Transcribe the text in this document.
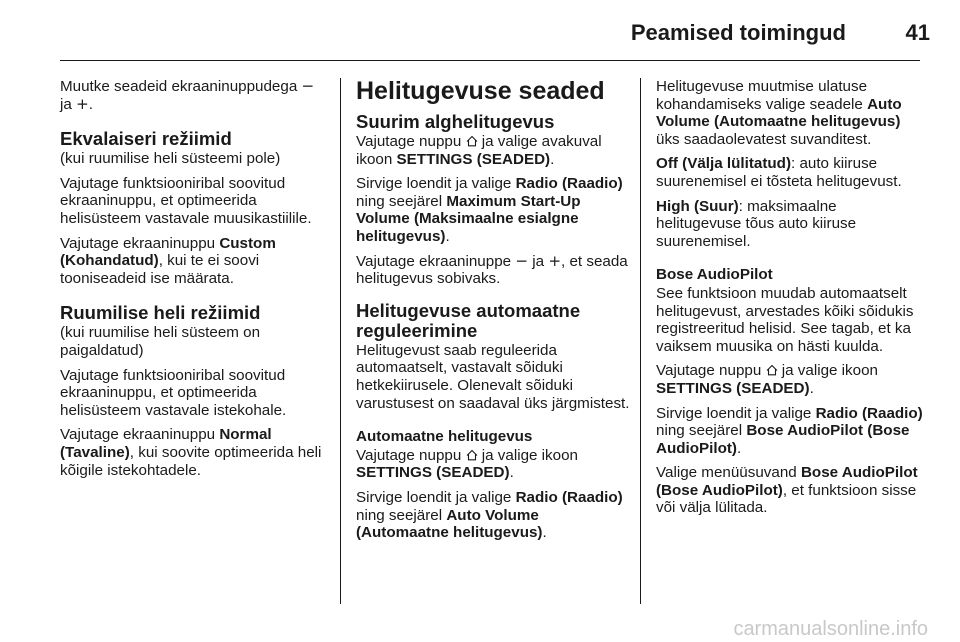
Peamised toimingud	41

Muutke seadeid ekraaninuppudega − ja +.

Ekvalaiseri režiimid

(kui ruumilise heli süsteemi pole)

Vajutage funktsiooniribal soovitud ekraaninuppu, et optimeerida helisüsteem vastavale muusikastiilile.

Vajutage ekraaninuppu Custom (Kohandatud), kui te ei soovi tooniseadeid ise määrata.

Ruumilise heli režiimid

(kui ruumilise heli süsteem on paigaldatud)

Vajutage funktsiooniribal soovitud ekraaninuppu, et optimeerida helisüsteem vastavale istekohale.

Vajutage ekraaninuppu Normal (Tavaline), kui soovite optimeerida heli kõigile istekohtadele.

Helitugevuse seaded
Suurim alghelitugevus

Vajutage nuppu  ja valige avakuval ikoon SETTINGS (SEADED).

Sirvige loendit ja valige Radio (Raadio) ning seejärel Maximum Start-Up Volume (Maksimaalne esialgne helitugevus).

Vajutage ekraaninuppe − ja +, et seada helitugevus sobivaks.

Helitugevuse automaatne reguleerimine

Helitugevust saab reguleerida automaatselt, vastavalt sõiduki hetkekiirusele. Olenevalt sõiduki varustusest on saadaval üks järgmistest.

Automaatne helitugevus

Vajutage nuppu  ja valige ikoon SETTINGS (SEADED).

Sirvige loendit ja valige Radio (Raadio) ning seejärel Auto Volume (Automaatne helitugevus).

Helitugevuse muutmise ulatuse kohandamiseks valige seadele Auto Volume (Automaatne helitugevus) üks saadaolevatest suvanditest.

Off (Välja lülitatud): auto kiiruse suurenemisel ei tõsteta helitugevust.

High (Suur): maksimaalne helitugevuse tõus auto kiiruse suurenemisel.

Bose AudioPilot

See funktsioon muudab automaatselt helitugevust, arvestades kõiki sõidukis registreeritud helisid. See tagab, et ka vaiksem muusika on hästi kuulda.

Vajutage nuppu  ja valige ikoon SETTINGS (SEADED).

Sirvige loendit ja valige Radio (Raadio) ning seejärel Bose AudioPilot (Bose AudioPilot).

Valige menüüsuvand Bose AudioPilot (Bose AudioPilot), et funktsioon sisse või välja lülitada.

carmanualsonline.info
